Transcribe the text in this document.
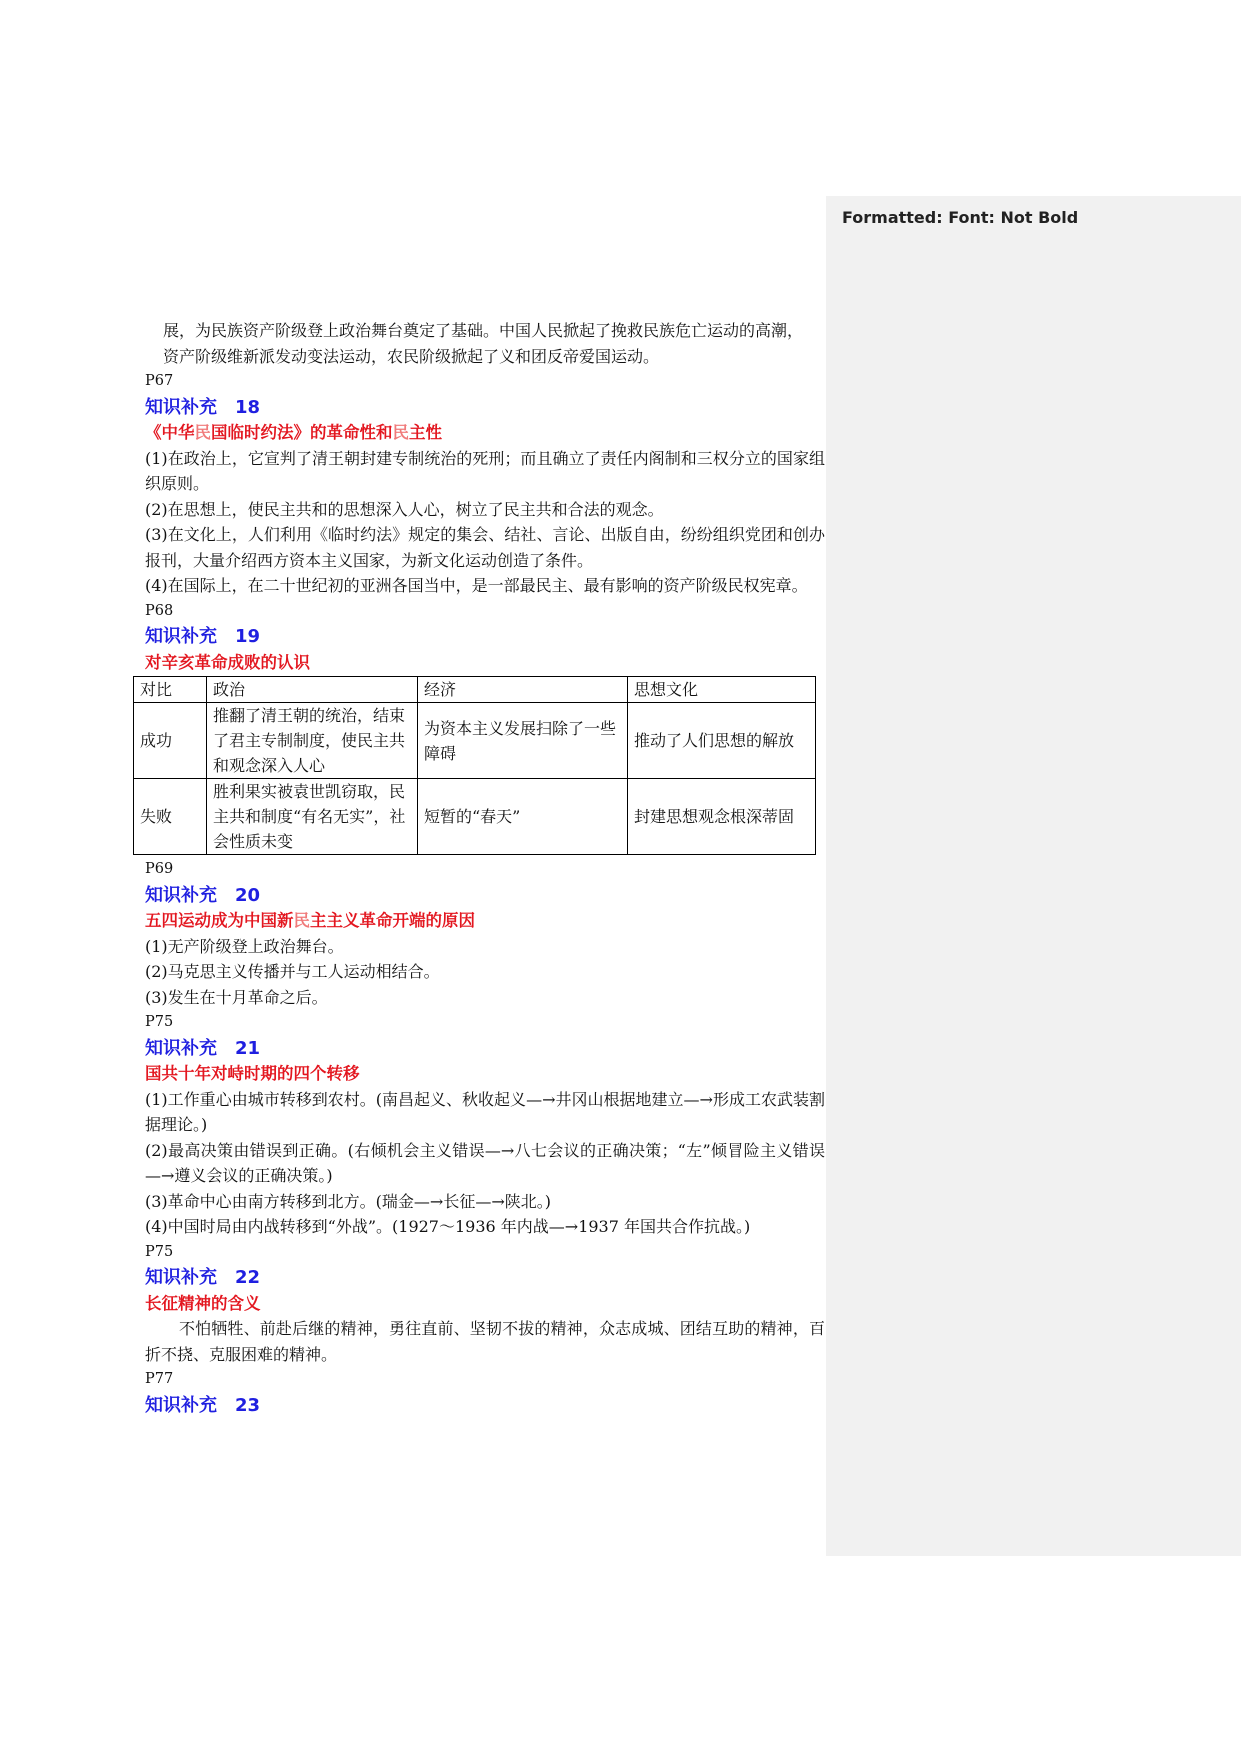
Formatted: Font: Not Bold
展，为民族资产阶级登上政治舞台奠定了基础。中国人民掀起了挽救民族危亡运动的高潮，
资产阶级维新派发动变法运动，农民阶级掀起了义和团反帝爱国运动。
P67
知识补充 18
《中华民国临时约法》的革命性和民主性
(1)在政治上，它宣判了清王朝封建专制统治的死刑；而且确立了责任内阁制和三权分立的国家组织原则。
(2)在思想上，使民主共和的思想深入人心，树立了民主共和合法的观念。
(3)在文化上，人们利用《临时约法》规定的集会、结社、言论、出版自由，纷纷组织党团和创办报刊，大量介绍西方资本主义国家，为新文化运动创造了条件。
(4)在国际上，在二十世纪初的亚洲各国当中，是一部最民主、最有影响的资产阶级民权宪章。
P68
知识补充 19
对辛亥革命成败的认识
对比	政治	经济	思想文化
成功	推翻了清王朝的统治，结束了君主专制制度，使民主共和观念深入人心	为资本主义发展扫除了一些障碍	推动了人们思想的解放
失败	胜利果实被袁世凯窃取，民主共和制度“有名无实”，社会性质未变	短暂的“春天”	封建思想观念根深蒂固
P69
知识补充 20
五四运动成为中国新民主主义革命开端的原因
(1)无产阶级登上政治舞台。
(2)马克思主义传播并与工人运动相结合。
(3)发生在十月革命之后。
P75
知识补充 21
国共十年对峙时期的四个转移
(1)工作重心由城市转移到农村。(南昌起义、秋收起义—→井冈山根据地建立—→形成工农武装割据理论。)
(2)最高决策由错误到正确。(右倾机会主义错误—→八七会议的正确决策；“左”倾冒险主义错误—→遵义会议的正确决策。)
(3)革命中心由南方转移到北方。(瑞金—→长征—→陕北。)
(4)中国时局由内战转移到“外战”。(1927～1936 年内战—→1937 年国共合作抗战。)
P75
知识补充 22
长征精神的含义
不怕牺牲、前赴后继的精神，勇往直前、坚韧不拔的精神，众志成城、团结互助的精神，百折不挠、克服困难的精神。
P77
知识补充 23
